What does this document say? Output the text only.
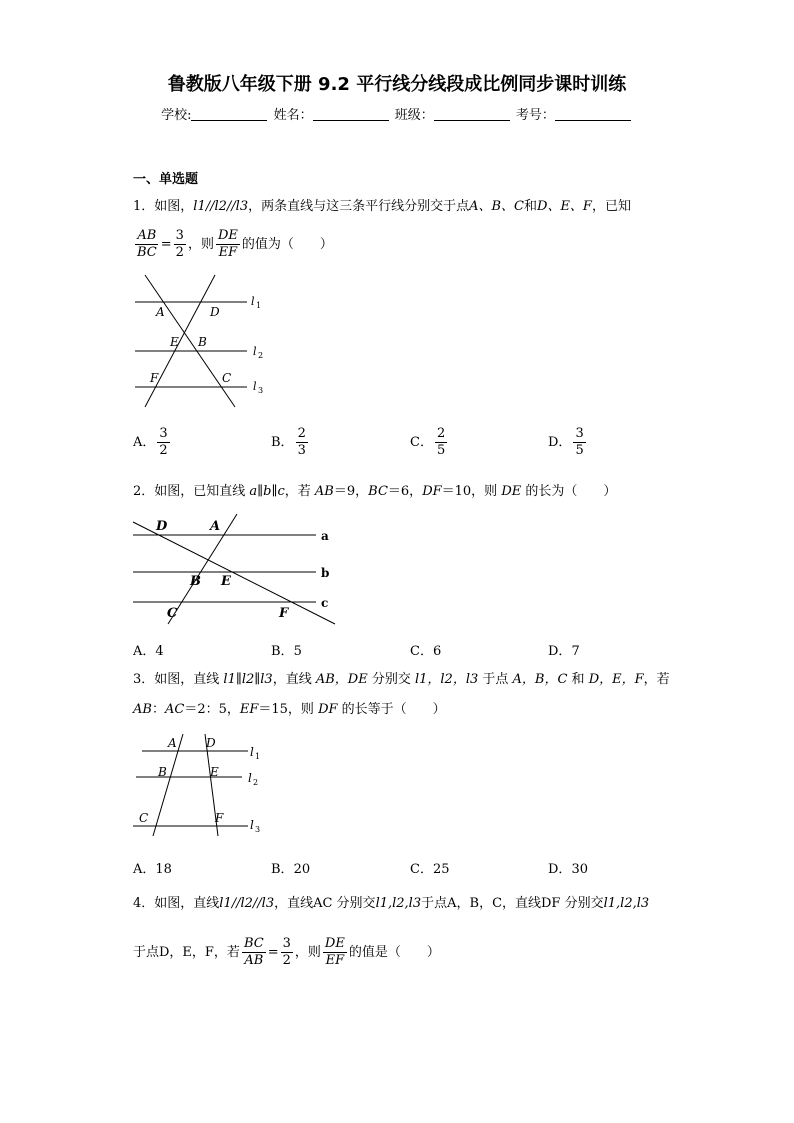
鲁教版八年级下册 9.2 平行线分线段成比例同步课时训练
学校:	姓名：	班级：	考号：
一、单选题
1．如图，l1//l2//l3，两条直线与这三条平行线分别交于点A、B、C和D、E、F，已知
$\frac{AB}{BC} = \frac{3}{2}$ ，则 $\frac{DE}{EF}$ 的值为（　　）
A	D
E B
F	C
l 1
l 2
l 3
A． $\frac{3}{2}$	B． $\frac{2}{3}$	C． $\frac{2}{5}$	D． $\frac{3}{5}$
2．如图，已知直线 a∥b∥c，若 AB＝9，BC＝6，DF＝10，则 DE 的长为（　　）
D	A
B E
C	F
a
b
c
A．4	B．5	C．6	D．7
3．如图，直线 l1∥l2∥l3，直线 AB，DE 分别交 l1，l2，l3 于点 A，B，C 和 D，E，F，若
AB：AC＝2：5，EF＝15，则 DF 的长等于（　　）
A D
B	E
C	F
l 1
l 2
l 3
A．18	B．20	C．25	D．30
4．如图，直线l1//l2//l3，直线AC 分别交l1,l2,l3于点A，B，C，直线DF 分别交l1,l2,l3
于点D，E，F，若 $\frac{BC}{AB} = \frac{3}{2}$ ，则 $\frac{DE}{EF}$ 的值是（　　）
